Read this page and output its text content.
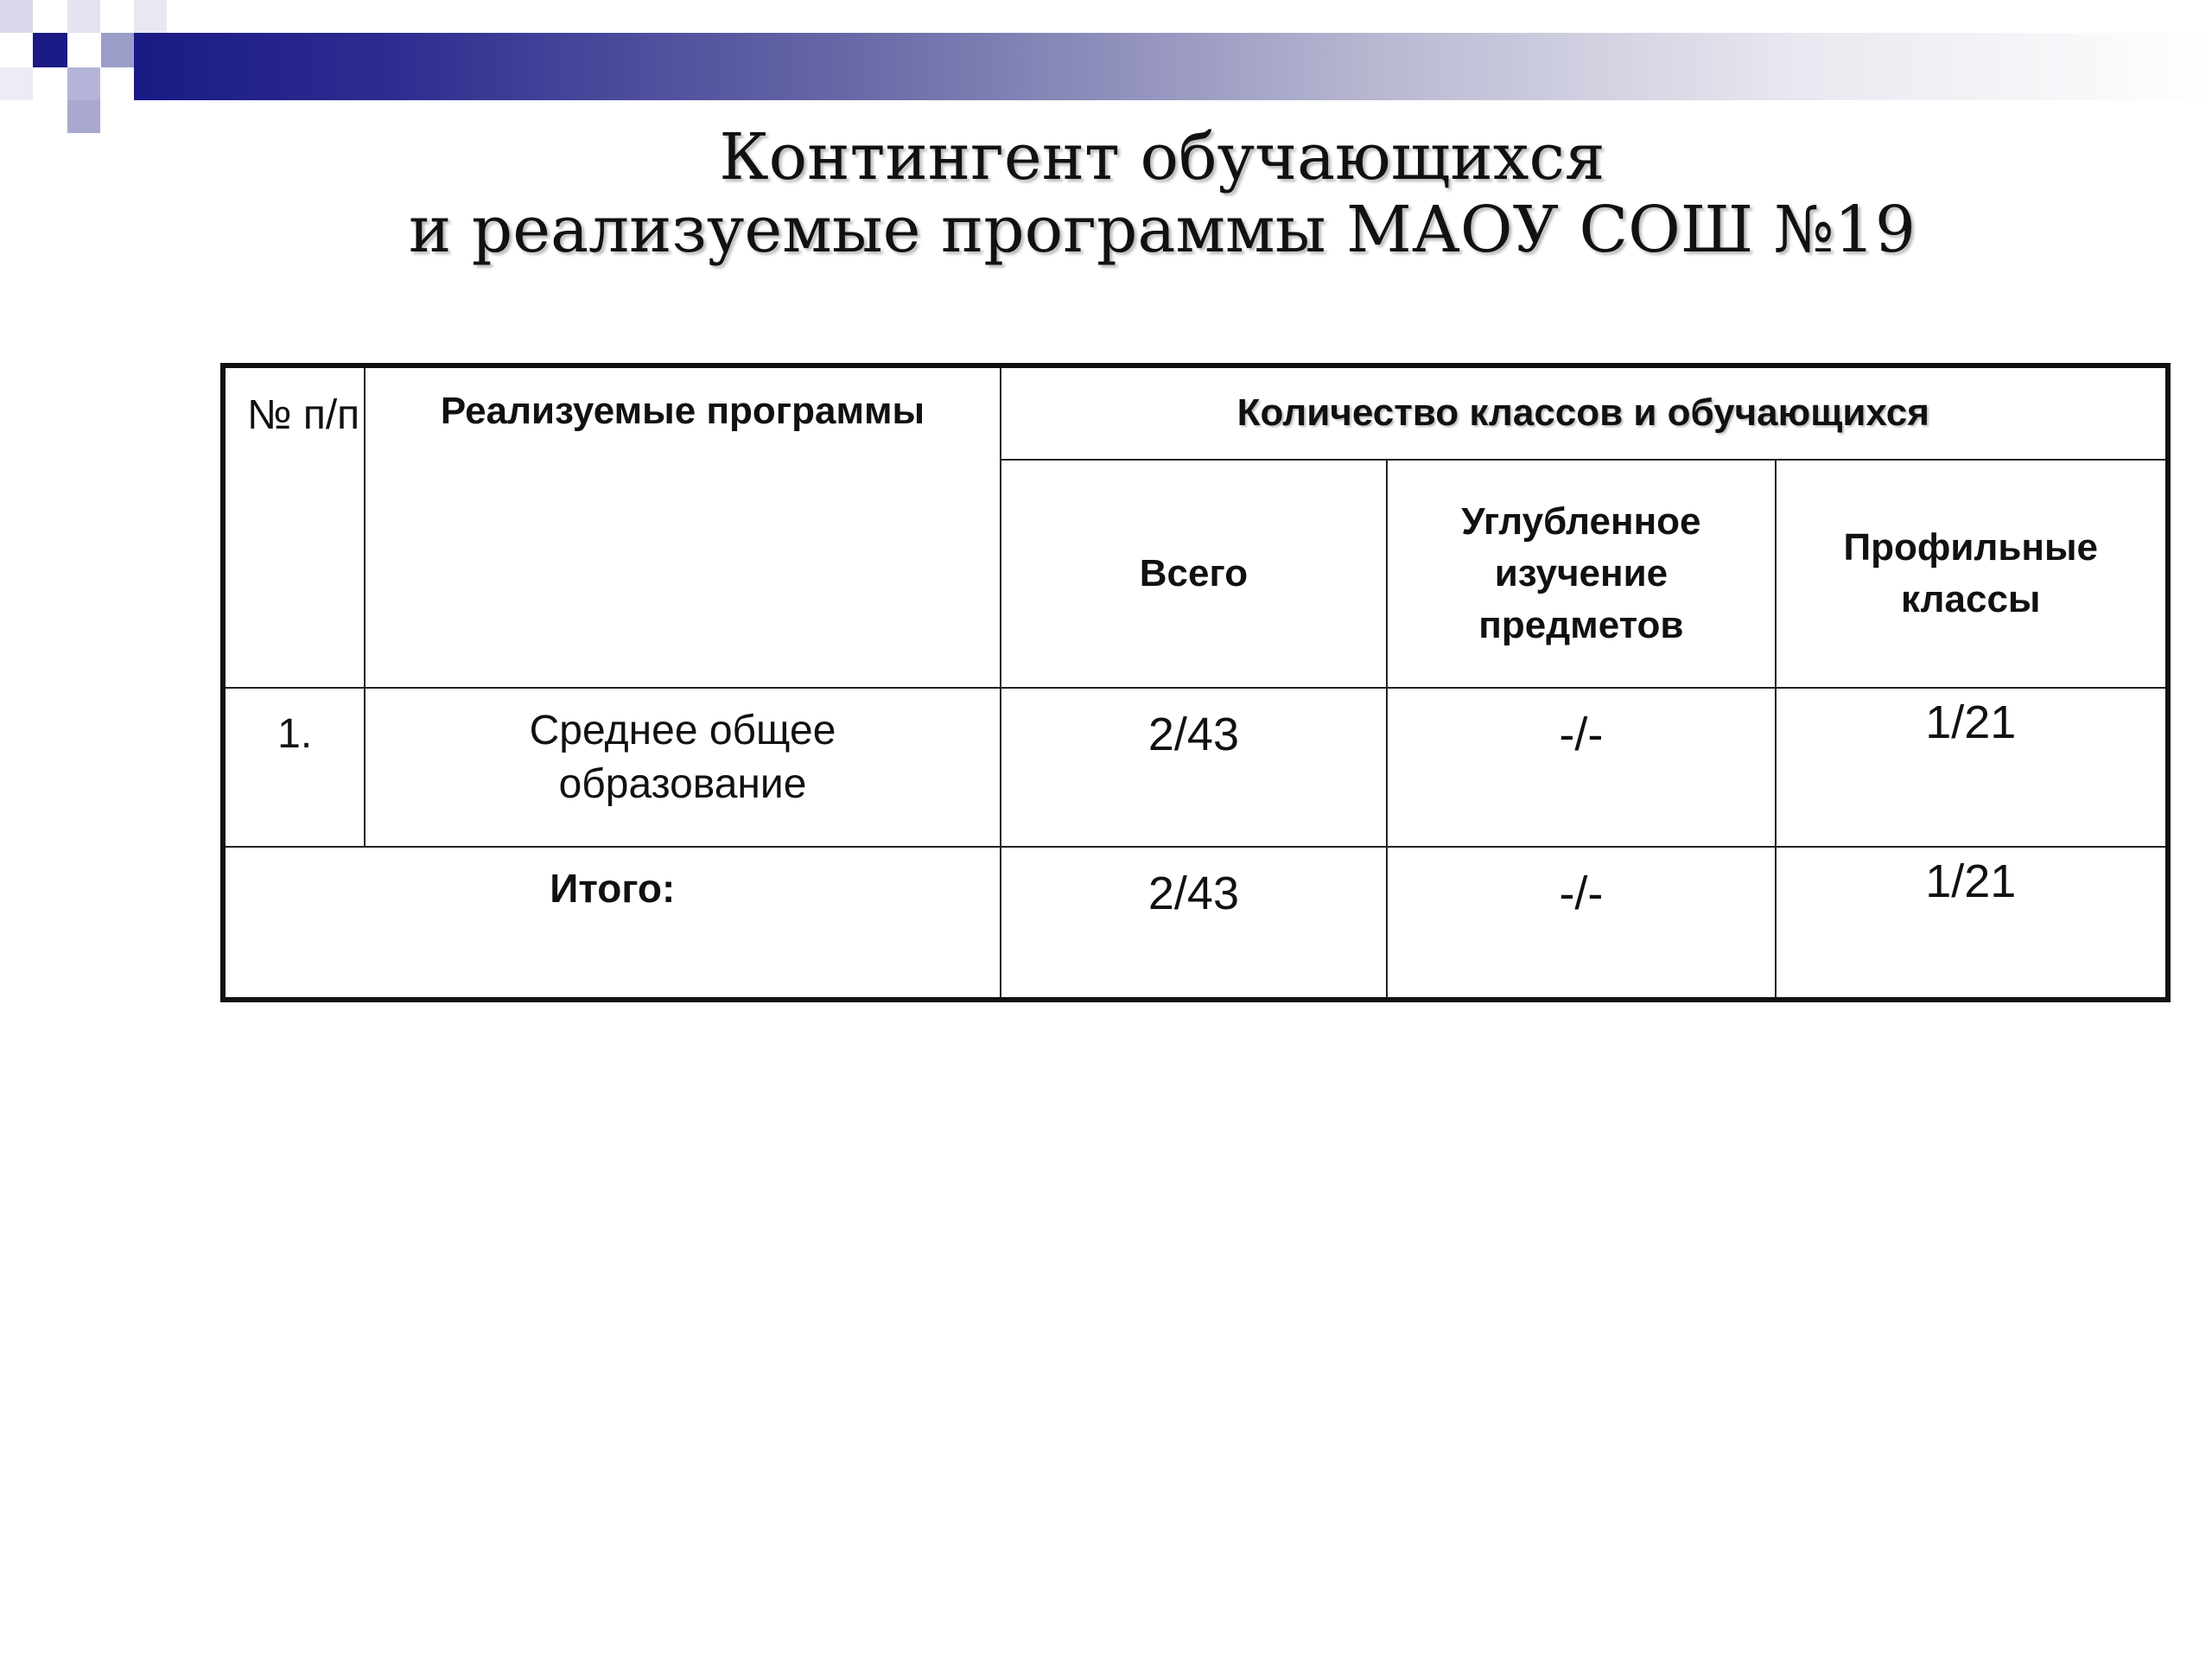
Контингент обучающихся
и реализуемые программы МАОУ СОШ №19
№ п/п	Реализуемые программы	Количество классов и обучающихся		
		Всего	Углубленное изучение предметов	Профильные классы
1.	Среднее общее образование	2/43	-/-	1/21
Итого:		2/43	-/-	1/21
